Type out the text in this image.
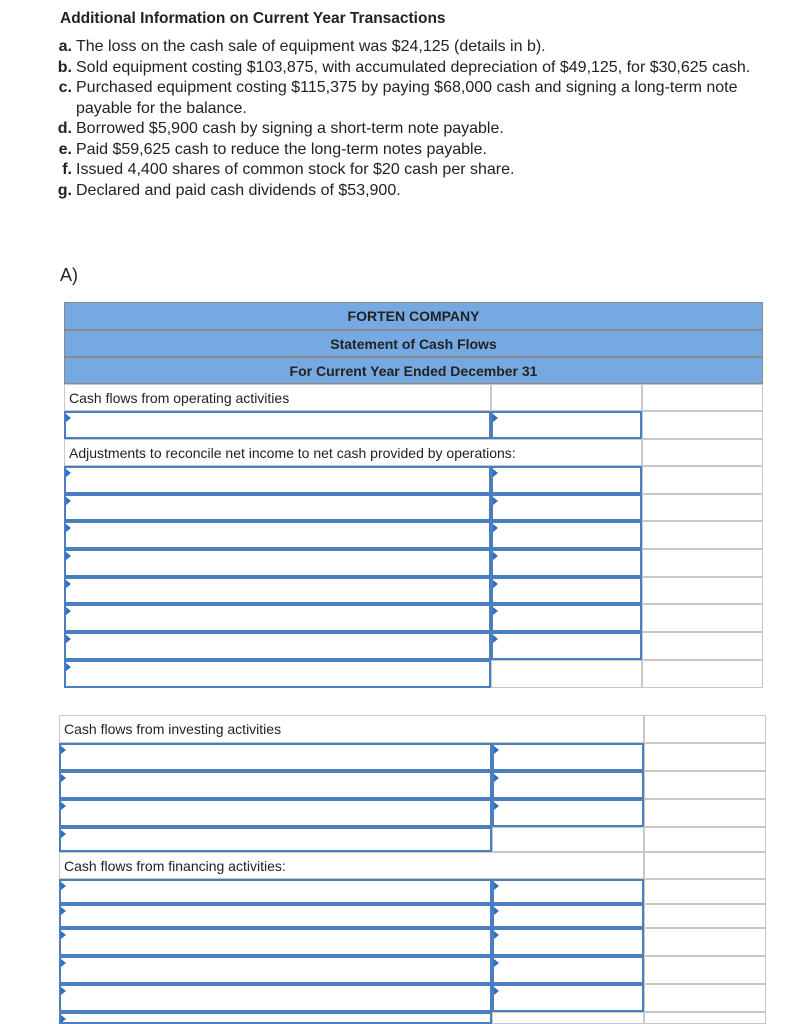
Additional Information on Current Year Transactions
a. The loss on the cash sale of equipment was $24,125 (details in b).
b. Sold equipment costing $103,875, with accumulated depreciation of $49,125, for $30,625 cash.
c. Purchased equipment costing $115,375 by paying $68,000 cash and signing a long-term note payable for the balance.
d. Borrowed $5,900 cash by signing a short-term note payable.
e. Paid $59,625 cash to reduce the long-term notes payable.
f. Issued 4,400 shares of common stock for $20 cash per share.
g. Declared and paid cash dividends of $53,900.
A)
FORTEN COMPANY
Statement of Cash Flows
For Current Year Ended December 31
Cash flows from operating activities
Adjustments to reconcile net income to net cash provided by operations:
Cash flows from investing activities
Cash flows from financing activities:
